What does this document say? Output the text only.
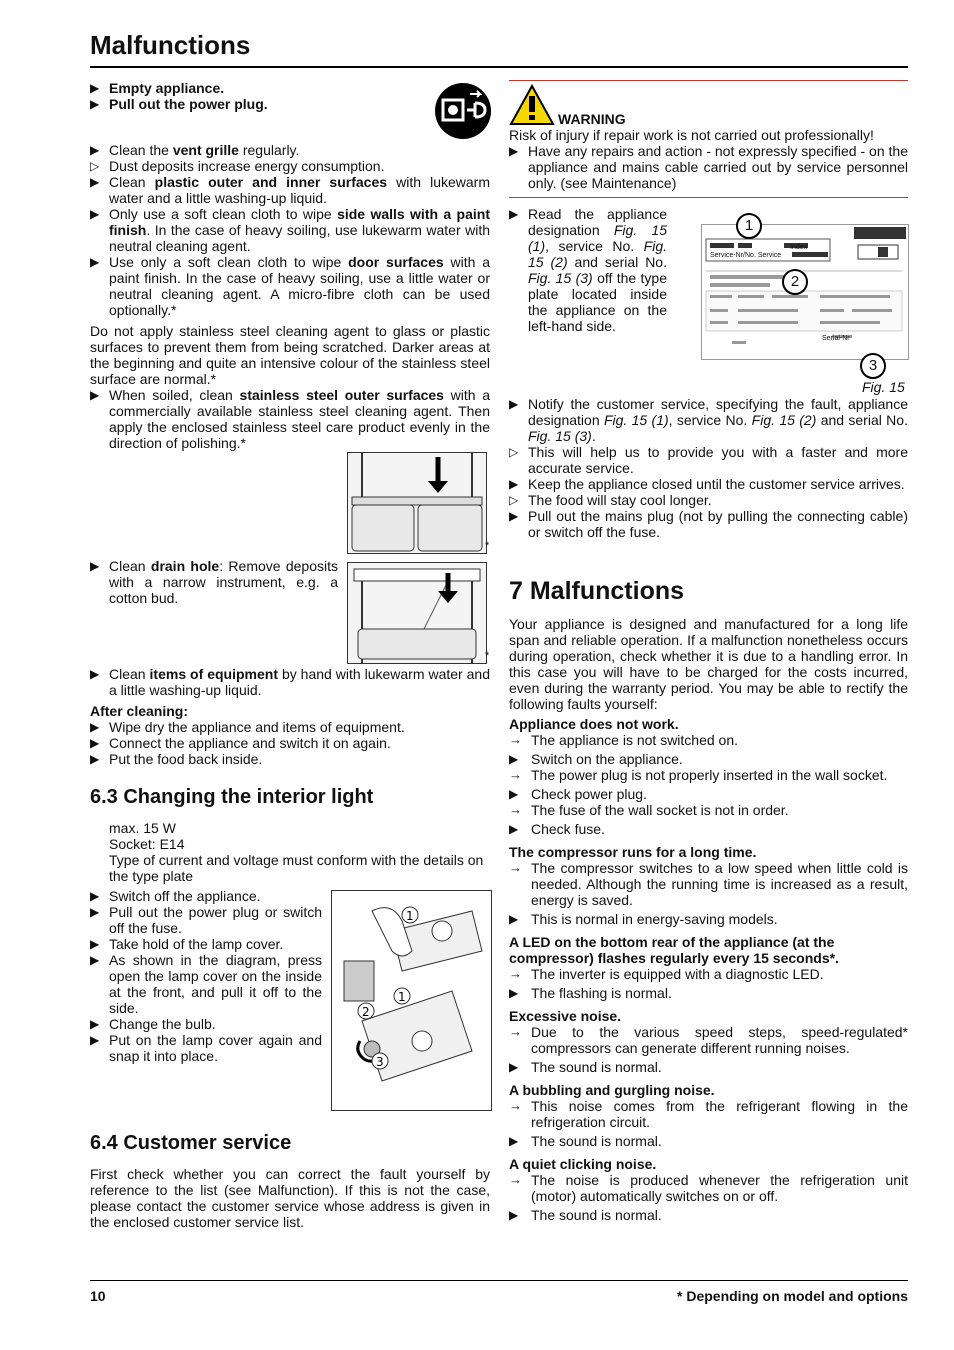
Malfunctions
▶ Empty appliance.
▶ Pull out the power plug.
▶ Clean the vent grille regularly.
▷ Dust deposits increase energy consumption.
▶ Clean plastic outer and inner surfaces with lukewarm water and a little washing-up liquid.
▶ Only use a soft clean cloth to wipe side walls with a paint finish. In the case of heavy soiling, use lukewarm water with neutral cleaning agent.
▶ Use only a soft clean cloth to wipe door surfaces with a paint finish. In the case of heavy soiling, use a little water or neutral cleaning agent. A micro-fibre cloth can be used optionally.*

Do not apply stainless steel cleaning agent to glass or plastic surfaces to prevent them from being scratched. Darker areas at the beginning and quite an intensive colour of the stainless steel surface are normal.*

▶ When soiled, clean stainless steel outer surfaces with a commercially available stainless steel cleaning agent. Then apply the enclosed stainless steel care product evenly in the direction of polishing.*
*
▶ Clean drain hole: Remove deposits with a narrow instrument, e.g. a cotton bud.
*
▶ Clean items of equipment by hand with lukewarm water and a little washing-up liquid.
After cleaning:
▶ Wipe dry the appliance and items of equipment.
▶ Connect the appliance and switch it on again.
▶ Put the food back inside.
6.3 Changing the interior light
max. 15 W
Socket: E14
Type of current and voltage must conform with the details on the type plate
▶ Switch off the appliance.
▶ Pull out the power plug or switch off the fuse.
▶ Take hold of the lamp cover.
▶ As shown in the diagram, press open the lamp cover on the inside at the front, and pull it off to the side.
▶ Change the bulb.
▶ Put on the lamp cover again and snap it into place.
1
1
2
3
6.4 Customer service

First check whether you can correct the fault yourself by reference to the list (see Malfunction). If this is not the case, please contact the customer service whose address is given in the enclosed customer service list.

WARNING
Risk of injury if repair work is not carried out professionally!
▶ Have any repairs and action - not expressly specified - on the appliance and mains cable carried out by service personnel only. (see Maintenance)
▶ Read the appliance designation Fig. 15 (1), service No. Fig. 15 (2) and serial No. Fig. 15 (3) off the type plate located inside the appliance on the left-hand side.
Index
Service-Nr/No. Service
Serial-Nr
1
2
3
Fig. 15
▶ Notify the customer service, specifying the fault, appliance designation Fig. 15 (1), service No. Fig. 15 (2) and serial No. Fig. 15 (3).
▷ This will help us to provide you with a faster and more accurate service.
▶ Keep the appliance closed until the customer service arrives.
▷ The food will stay cool longer.
▶ Pull out the mains plug (not by pulling the connecting cable) or switch off the fuse.
7 Malfunctions

Your appliance is designed and manufactured for a long life span and reliable operation. If a malfunction nonetheless occurs during operation, check whether it is due to a handling error. In this case you will have to be charged for the costs incurred, even during the warranty period. You may be able to rectify the following faults yourself:

Appliance does not work.
→ The appliance is not switched on.
▶ Switch on the appliance.
→ The power plug is not properly inserted in the wall socket.
▶ Check power plug.
→ The fuse of the wall socket is not in order.
▶ Check fuse.
The compressor runs for a long time.
→ The compressor switches to a low speed when little cold is needed. Although the running time is increased as a result, energy is saved.
▶ This is normal in energy-saving models.
A LED on the bottom rear of the appliance (at the compressor) flashes regularly every 15 seconds*.
→ The inverter is equipped with a diagnostic LED.
▶ The flashing is normal.
Excessive noise.
→ Due to the various speed steps, speed-regulated* compressors can generate different running noises.
▶ The sound is normal.
A bubbling and gurgling noise.
→ This noise comes from the refrigerant flowing in the refrigeration circuit.
▶ The sound is normal.
A quiet clicking noise.
→ The noise is produced whenever the refrigeration unit (motor) automatically switches on or off.
▶ The sound is normal.
10	* Depending on model and options
